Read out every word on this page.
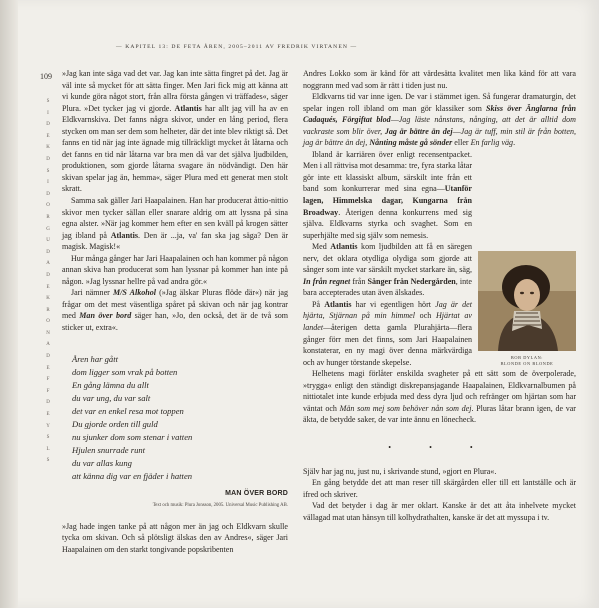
— KAPITEL 13: DE FETA ÅREN, 2005–2011 AV FREDRIK VIRTANEN —
109
S
I
D
E
K
D
S
I
D
O
R
G
U
D
A
D
E
K
R
O
N
A
D
E
F
F
D
E
Y
S
L
S

»Jag kan inte säga vad det var. Jag kan inte sätta fingret på det. Jag är väl inte så mycket för att sätta finger. Men Jari fick mig att känna att vi kunde göra något stort, från allra första gången vi träffades«, säger Plura. »Det tycker jag vi gjorde. Atlantis har allt jag vill ha av en Eldkvarnskiva. Det fanns några skivor, under en lång period, flera stycken om man ser dem som helheter, där det inte blev riktigt så. Det fanns en tid när jag inte ägnade mig tillräckligt mycket åt låtarna och det fanns en tid när låtarna var bra men då var det själva ljudbilden, produktionen, som gjorde låtarna svagare än nödvändigt. Den här skivan spelar jag än, hemma«, säger Plura med ett generat men stolt skratt.

Samma sak gäller Jari Haapalainen. Han har producerat åttio-nittio skivor men tycker sällan eller snarare aldrig om att lyssna på sina egna alster. »När jag kommer hem efter en sen kväll på krogen sätter jag ibland på Atlantis. Den är ...ja, va' fan ska jag säga? Den är magisk. Magisk!«

Hur många gånger har Jari Haapalainen och han kommer på någon annan skiva han producerat som han lyssnar på kommer han inte på någon. »Jag lyssnar hellre på vad andra gör.«

Jari nämner M/S Alkohol (»Jag älskar Pluras flöde där«) när jag frågar om det mest väsentliga spåret på skivan och när jag kontrar med Man över bord säger han, »Jo, den också, det är de två som sticker ut, extra«.

Åren har gått
dom ligger som vrak på botten
En gång lämna du allt
du var ung, du var salt
det var en enkel resa mot toppen
Du gjorde orden till guld
nu sjunker dom som stenar i vatten
Hjulen snurrade runt
du var allas kung
att känna dig var en fjäder i hatten
MAN ÖVER BORD
Text och musik: Plura Jonsson, 2005. Universal Music Publishing AB.

»Jag hade ingen tanke på att någon mer än jag och Eldkvarn skulle tycka om skivan. Och så plötsligt älskas den av Andres«, säger Jari Haapalainen om den starkt tongivande popskribenten

Andres Lokko som är känd för att värdesätta kvalitet men lika känd för att vara noggrann med vad som är rätt i tiden just nu.

Eldkvarns tid var inne igen. De var i stämmet igen. Så fungerar dramaturgin, det spelar ingen roll ibland om man gör klassiker som Skiss över Änglarna från Cadaqués, Förgiftat blod—Jag läste nånstans, nånging, att det är alltid dom vackraste som blir över, Jag är bättre än dej—Jag är tuff, min stil är från botten, jag är bättre än dej, Nånting måste gå sönder eller En farlig väg.

Ibland är karriären över enligt recensentpacket. Men i all rättvisa mot desamma: tre, fyra starka låtar gör inte ett klassiskt album, särskilt inte från ett band som konkurrerar med sina egna—Utanför lagen, Himmelska dagar, Kungarna från Broadway. Återigen denna konkurrens med sig själva. Eldkvarns styrka och svaghet. Som en superhjälte med sig själv som nemesis.

Med Atlantis kom ljudbilden att få en säregen nerv, det oklara otydliga olydiga som gjorde att sånger som inte var särskilt mycket starkare än, säg, In från regnet från Sånger från Nedergården, inte bara accepterades utan även älskades.

På Atlantis har vi egentligen hört Jag är det hjärta, Stjärnan på min himmel och Hjärtat av landet—återigen detta gamla Plurahjärta—flera gånger förr men det finns, som Jari Haapalainen konstaterar, en ny magi över denna märkvärdiga och av hunger törstande skepelse.

Helhetens magi förlåter enskilda svagheter på ett sätt som de överpolerade, »trygga« enligt den ständigt diskrepansjagande Haapalainen, Eldkvarnalbumen på nittiotalet inte kunde erbjuda med dess dyra ljud och refränger om hjärtan som har väntat och Män som mej som behöver nån som dej. Pluras låtar brann igen, de var äkta, de betydde saker, de var inte ännu en lönecheck.

• • •

Själv har jag nu, just nu, i skrivande stund, »gjort en Plura«.

En gång betydde det att man reser till skärgården eller till ett lantställe och är ifred och skriver.

Vad det betyder i dag är mer oklart. Kanske är det att åta inhelvete mycket vällagad mat utan hänsyn till kolhydrathalten, kanske är det att myssupa i tv.

BOB DYLAN:
BLONDE ON BLONDE
